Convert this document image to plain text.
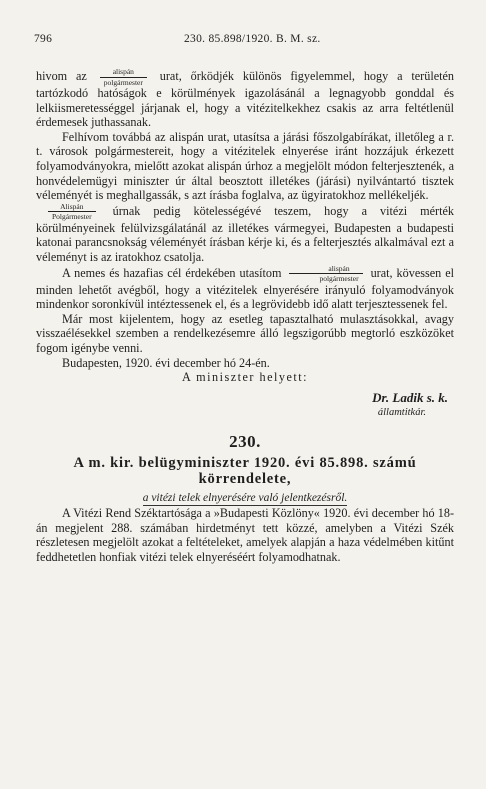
796	230. 85.898/1920. B. M. sz.

hivom az $\frac{\text{alispán}}{\text{polgármester}}$ urat, őrködjék különös figyelemmel, hogy a területén tartózkodó hatóságok e körülmények igazolásánál a legnagyobb gonddal és lelkiismeretességgel járjanak el, hogy a vitézitelkekhez csakis az arra feltétlenül érdemesek juthassanak.

Felhívom továbbá az alispán urat, utasítsa a járási főszolgabírákat, illetőleg a r. t. városok polgármestereit, hogy a vitézitelek elnyerése iránt hozzájuk érkezett folyamodványokra, mielőtt azokat alispán úrhoz a megjelölt módon felterjesztenék, a honvédelemügyi miniszter úr által beosztott illetékes (járási) nyilvántartó tisztek véleményét is meghallgassák, s azt írásba foglalva, az ügyiratokhoz mellékeljék.

$\frac{\text{Alispán}}{\text{Polgármester}}$ úrnak pedig kötelességévé teszem, hogy a vitézi mérték körülményeinek felülvizsgálatánál az illetékes vármegyei, Budapesten a budapesti katonai parancsnokság véleményét írásban kérje ki, és a felterjesztés alkalmával ezt a véleményt is az iratokhoz csatolja.

A nemes és hazafias cél érdekében utasítom $\frac{\text{alispán}}{\text{polgármester}}$ urat, kövessen el minden lehetőt avégből, hogy a vitézitelek elnyerésére irányuló folyamodványok mindenkor soronkívül intéztessenek el, és a legrövidebb idő alatt terjesztessenek fel.

Már most kijelentem, hogy az esetleg tapasztalható mulasztásokkal, avagy visszaélésekkel szemben a rendelkezésemre álló legszigorúbb megtorló eszközöket fogom igénybe venni.

Budapesten, 1920. évi december hó 24-én.

A miniszter helyett:

Dr. Ladik s. k.
államtitkár.
230.
A m. kir. belügyminiszter 1920. évi 85.898. számú
körrendelete,
a vitézi telek elnyerésére való jelentkezésről.

A Vitézi Rend Széktartósága a »Budapesti Közlöny« 1920. évi december hó 18-án megjelent 288. számában hirdetményt tett közzé, amelyben a Vitézi Szék részletesen megjelölt azokat a feltételeket, amelyek alapján a haza védelmében kitűnt feddhetetlen honfiak vitézi telek elnyeréséért folyamodhatnak.
